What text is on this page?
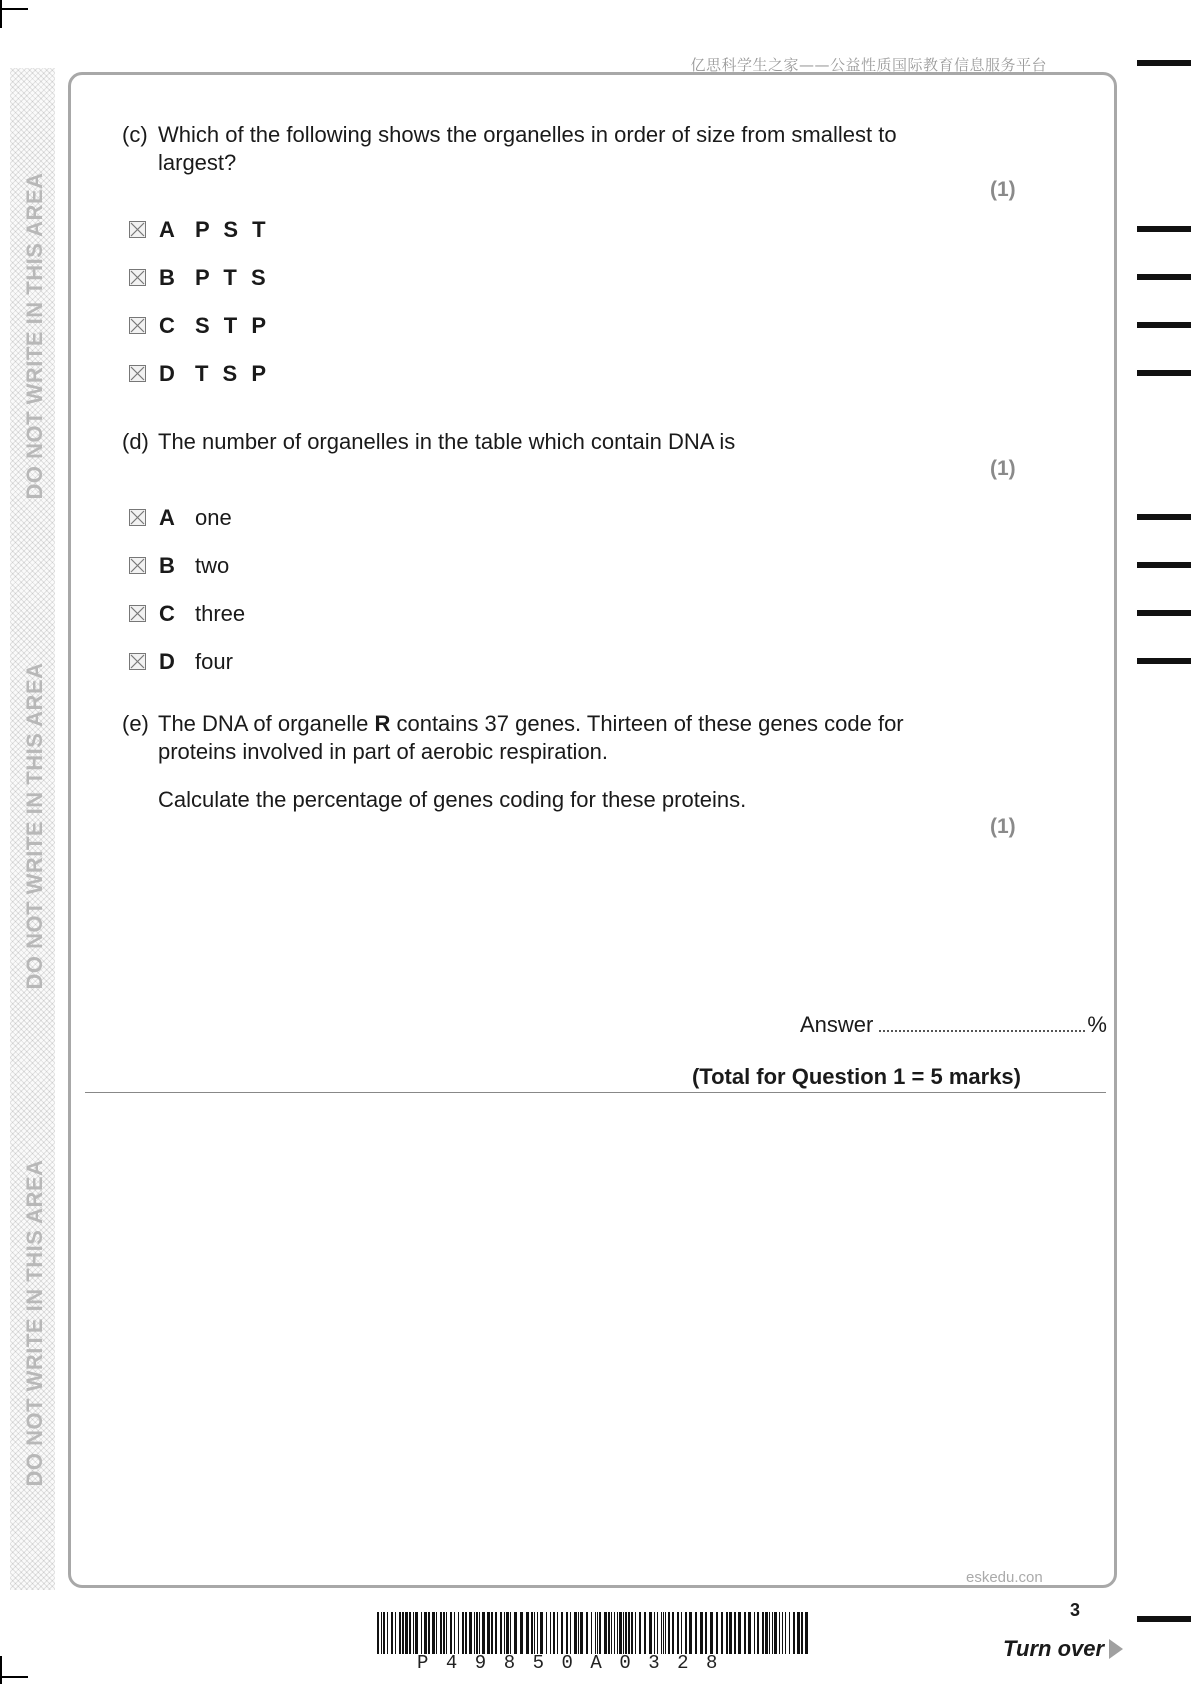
DO NOT WRITE IN THIS AREA
DO NOT WRITE IN THIS AREA
DO NOT WRITE IN THIS AREA
亿思科学生之家——公益性质国际教育信息服务平台
(c) Which of the following shows the organelles in order of size from smallest to
largest?
(1)
A P S T
B P T S
C S T P
D T S P
(d) The number of organelles in the table which contain DNA is
(1)
A one
B two
C three
D four
(e) The DNA of organelle R contains 37 genes. Thirteen of these genes code for
proteins involved in part of aerobic respiration.
Calculate the percentage of genes coding for these proteins.
(1)
Answer	%
(Total for Question 1 = 5 marks)
eskedu.con
3
Turn over
P49850A0328
